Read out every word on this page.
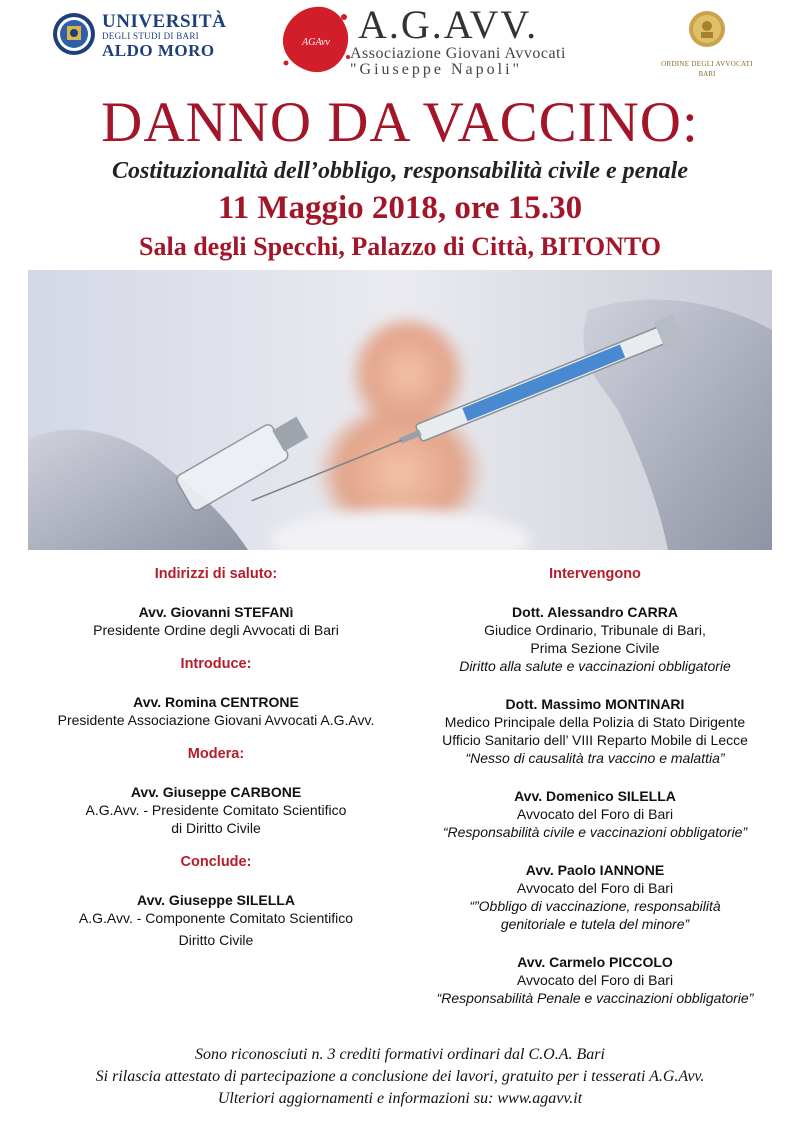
UNIVERSITÀ
DEGLI STUDI DI BARI
ALDO MORO	AGAvv A.G.AVV.
Associazione Giovani Avvocati
"Giuseppe Napoli"	ORDINE DEGLI AVVOCATI
BARI
DANNO DA VACCINO:
Costituzionalità dell’obbligo, responsabilità civile e penale
11 Maggio 2018, ore 15.30
Sala degli Specchi, Palazzo di Città, BITONTO
Indirizzi di saluto:
Avv. Giovanni STEFANì
Presidente Ordine degli Avvocati di Bari
Introduce:
Avv. Romina CENTRONE
Presidente Associazione Giovani Avvocati A.G.Avv.
Modera:
Avv. Giuseppe CARBONE
A.G.Avv. - Presidente Comitato Scientifico
di Diritto Civile
Conclude:
Avv. Giuseppe SILELLA
A.G.Avv. - Componente Comitato Scientifico
Diritto Civile
Intervengono
Dott. Alessandro CARRA
Giudice Ordinario, Tribunale di Bari,
Prima Sezione Civile
Diritto alla salute e vaccinazioni obbligatorie
Dott. Massimo MONTINARI
Medico Principale della Polizia di Stato Dirigente
Ufficio Sanitario dell’ VIII Reparto Mobile di Lecce
“Nesso di causalità tra vaccino e malattia”
Avv. Domenico SILELLA
Avvocato del Foro di Bari
“Responsabilità civile e vaccinazioni obbligatorie”
Avv. Paolo IANNONE
Avvocato del Foro di Bari
“”Obbligo di vaccinazione, responsabilità
genitoriale e tutela del minore”
Avv. Carmelo PICCOLO
Avvocato del Foro di Bari
“Responsabilità Penale e vaccinazioni obbligatorie”
Sono riconosciuti n. 3 crediti formativi ordinari dal C.O.A. Bari
Si rilascia attestato di partecipazione a conclusione dei lavori, gratuito per i tesserati A.G.Avv.
Ulteriori aggiornamenti e informazioni su: www.agavv.it
